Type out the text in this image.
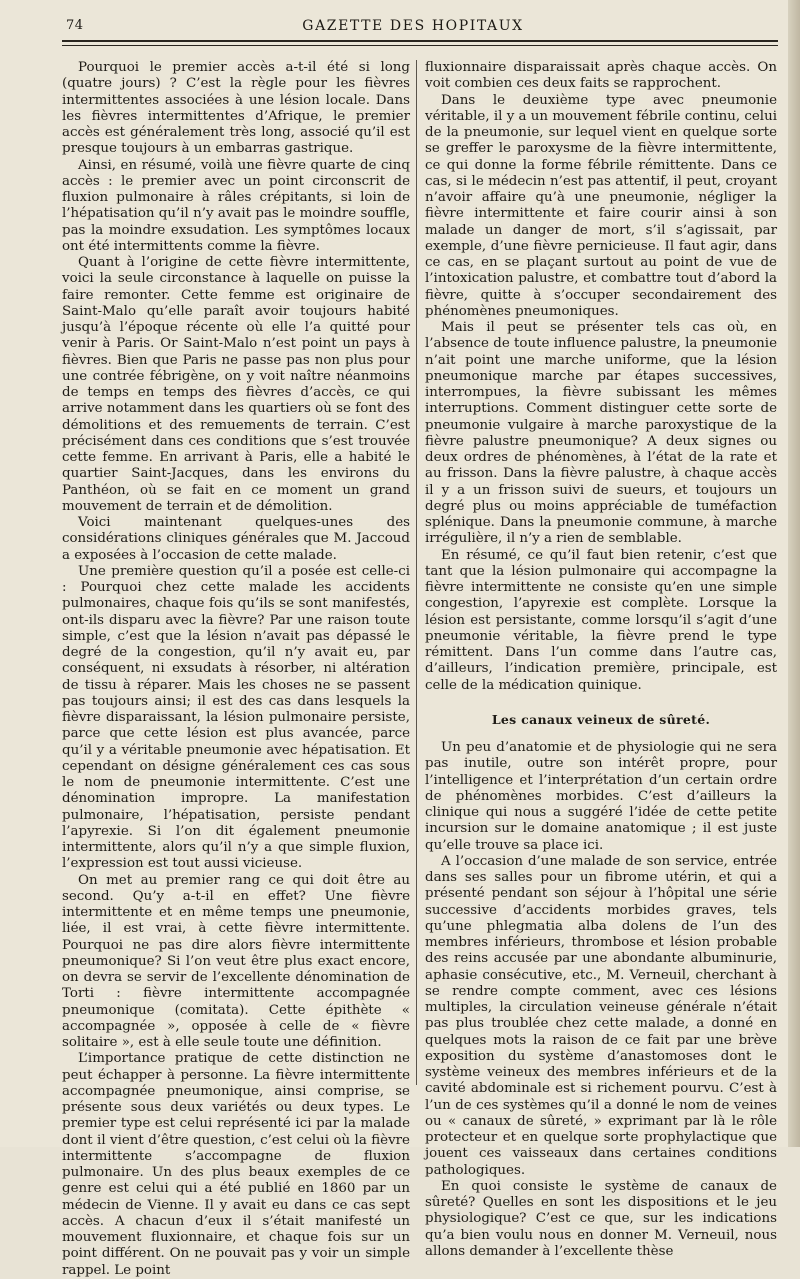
74	GAZETTE DES HOPITAUX

Pourquoi le premier accès a-t-il été si long (quatre jours) ? C’est la règle pour les fièvres intermittentes associées à une lésion locale. Dans les fièvres intermittentes d’Afrique, le premier accès est généralement très long, associé qu’il est presque toujours à un embarras gastrique.

Ainsi, en résumé, voilà une fièvre quarte de cinq accès : le premier avec un point circonscrit de fluxion pulmonaire à râles crépitants, si loin de l’hépatisation qu’il n’y avait pas le moindre souffle, pas la moindre exsudation. Les symptômes locaux ont été intermittents comme la fièvre.

Quant à l’origine de cette fièvre intermittente, voici la seule circonstance à laquelle on puisse la faire remonter. Cette femme est originaire de Saint-Malo qu’elle paraît avoir toujours habité jusqu’à l’époque récente où elle l’a quitté pour venir à Paris. Or Saint-Malo n’est point un pays à fièvres. Bien que Paris ne passe pas non plus pour une contrée fébrigène, on y voit naître néanmoins de temps en temps des fièvres d’accès, ce qui arrive notamment dans les quartiers où se font des démolitions et des remuements de terrain. C’est précisément dans ces conditions que s’est trouvée cette femme. En arrivant à Paris, elle a habité le quartier Saint-Jacques, dans les environs du Panthéon, où se fait en ce moment un grand mouvement de terrain et de démolition.

Voici maintenant quelques-unes des considérations cliniques générales que M. Jaccoud a exposées à l’occasion de cette malade.

Une première question qu’il a posée est celle-ci : Pourquoi chez cette malade les accidents pulmonaires, chaque fois qu’ils se sont manifestés, ont-ils disparu avec la fièvre? Par une raison toute simple, c’est que la lésion n’avait pas dépassé le degré de la congestion, qu’il n’y avait eu, par conséquent, ni exsudats à résorber, ni altération de tissu à réparer. Mais les choses ne se passent pas toujours ainsi; il est des cas dans lesquels la fièvre disparaissant, la lésion pulmonaire persiste, parce que cette lésion est plus avancée, parce qu’il y a véritable pneumonie avec hépatisation. Et cependant on désigne généralement ces cas sous le nom de pneumonie intermittente. C’est une dénomination impropre. La manifestation pulmonaire, l’hépatisation, persiste pendant l’apyrexie. Si l’on dit également pneumonie intermittente, alors qu’il n’y a que simple fluxion, l’expression est tout aussi vicieuse.

On met au premier rang ce qui doit être au second. Qu’y a-t-il en effet? Une fièvre intermittente et en même temps une pneumonie, liée, il est vrai, à cette fièvre intermittente. Pourquoi ne pas dire alors fièvre intermittente pneumonique? Si l’on veut être plus exact encore, on devra se servir de l’excellente dénomination de Torti : fièvre intermittente accompagnée pneumonique (comitata). Cette épithète « accompagnée », opposée à celle de « fièvre solitaire », est à elle seule toute une définition.

L’importance pratique de cette distinction ne peut échapper à personne. La fièvre intermittente accompagnée pneumonique, ainsi comprise, se présente sous deux variétés ou deux types. Le premier type est celui représenté ici par la malade dont il vient d’être question, c’est celui où la fièvre intermittente s’accompagne de fluxion pulmonaire. Un des plus beaux exemples de ce genre est celui qui a été publié en 1860 par un médecin de Vienne. Il y avait eu dans ce cas sept accès. A chacun d’eux il s’était manifesté un mouvement fluxionnaire, et chaque fois sur un point différent. On ne pouvait pas y voir un simple rappel. Le point

fluxionnaire disparaissait après chaque accès. On voit combien ces deux faits se rapprochent.

Dans le deuxième type avec pneumonie véritable, il y a un mouvement fébrile continu, celui de la pneumonie, sur lequel vient en quelque sorte se greffer le paroxysme de la fièvre intermittente, ce qui donne la forme fébrile rémittente. Dans ce cas, si le médecin n’est pas attentif, il peut, croyant n’avoir affaire qu’à une pneumonie, négliger la fièvre intermittente et faire courir ainsi à son malade un danger de mort, s’il s’agissait, par exemple, d’une fièvre pernicieuse. Il faut agir, dans ce cas, en se plaçant surtout au point de vue de l’intoxication palustre, et combattre tout d’abord la fièvre, quitte à s’occuper secondairement des phénomènes pneumoniques.

Mais il peut se présenter tels cas où, en l’absence de toute influence palustre, la pneumonie n’ait point une marche uniforme, que la lésion pneumonique marche par étapes successives, interrompues, la fièvre subissant les mêmes interruptions. Comment distinguer cette sorte de pneumonie vulgaire à marche paroxystique de la fièvre palustre pneumonique? A deux signes ou deux ordres de phénomènes, à l’état de la rate et au frisson. Dans la fièvre palustre, à chaque accès il y a un frisson suivi de sueurs, et toujours un degré plus ou moins appréciable de tuméfaction splénique. Dans la pneumonie commune, à marche irrégulière, il n’y a rien de semblable.

En résumé, ce qu’il faut bien retenir, c’est que tant que la lésion pulmonaire qui accompagne la fièvre intermittente ne consiste qu’en une simple congestion, l’apyrexie est complète. Lorsque la lésion est persistante, comme lorsqu’il s’agit d’une pneumonie véritable, la fièvre prend le type rémittent. Dans l’un comme dans l’autre cas, d’ailleurs, l’indication première, principale, est celle de la médication quinique.

Les canaux veineux de sûreté.

Un peu d’anatomie et de physiologie qui ne sera pas inutile, outre son intérêt propre, pour l’intelligence et l’interprétation d’un certain ordre de phénomènes morbides. C’est d’ailleurs la clinique qui nous a suggéré l’idée de cette petite incursion sur le domaine anatomique ; il est juste qu’elle trouve sa place ici.

A l’occasion d’une malade de son service, entrée dans ses salles pour un fibrome utérin, et qui a présenté pendant son séjour à l’hôpital une série successive d’accidents morbides graves, tels qu’une phlegmatia alba dolens de l’un des membres inférieurs, thrombose et lésion probable des reins accusée par une abondante albuminurie, aphasie consécutive, etc., M. Verneuil, cherchant à se rendre compte comment, avec ces lésions multiples, la circulation veineuse générale n’était pas plus troublée chez cette malade, a donné en quelques mots la raison de ce fait par une brève exposition du système d’anastomoses dont le système veineux des membres inférieurs et de la cavité abdominale est si richement pourvu. C’est à l’un de ces systèmes qu’il a donné le nom de veines ou « canaux de sûreté, » exprimant par là le rôle protecteur et en quelque sorte prophylactique que jouent ces vaisseaux dans certaines conditions pathologiques.

En quoi consiste le système de canaux de sûreté? Quelles en sont les dispositions et le jeu physiologique? C’est ce que, sur les indications qu’a bien voulu nous en donner M. Verneuil, nous allons demander à l’excellente thèse
